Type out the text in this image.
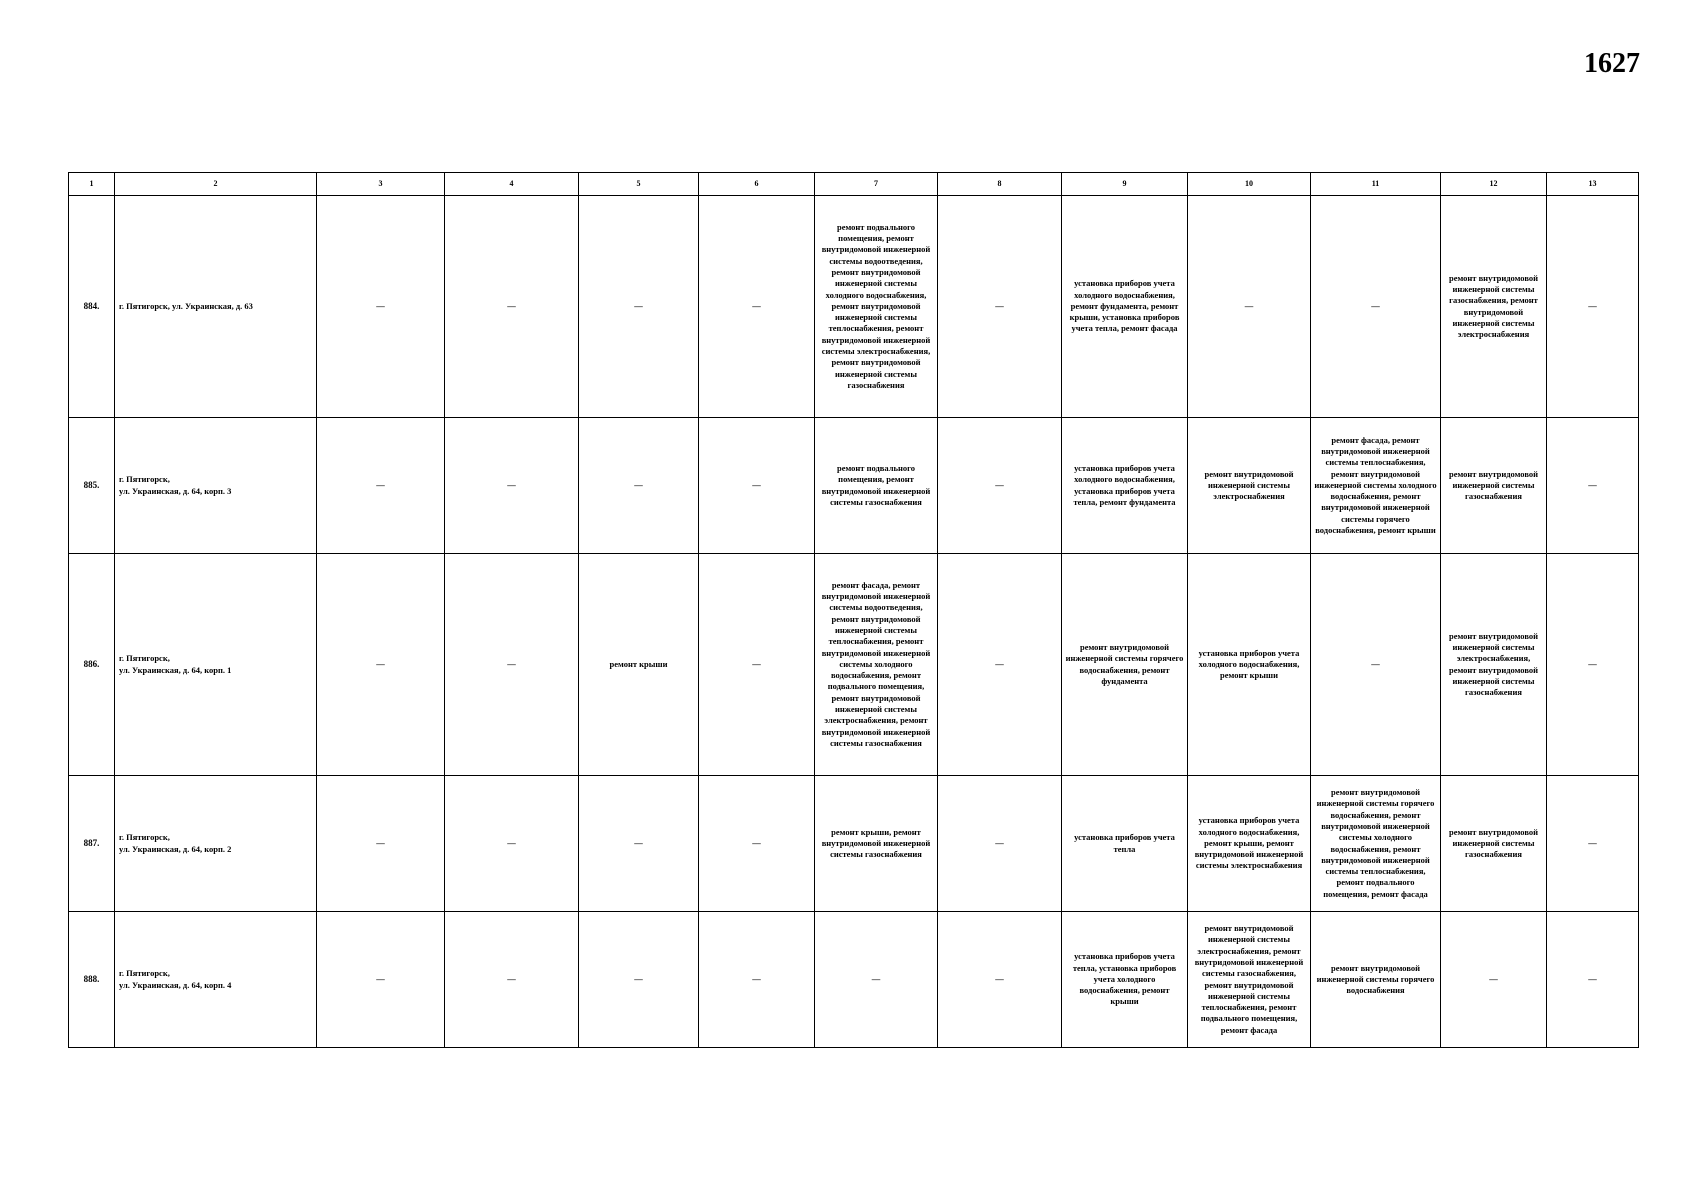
1627
1	2	3	4	5	6	7	8	9	10	11	12	13
884.	г. Пятигорск, ул. Украинская, д. 63	—	—	—	—	ремонт подвального помещения, ремонт внутридомовой инженерной системы водоотведения, ремонт внутридомовой инженерной системы холодного водоснабжения, ремонт внутридомовой инженерной системы теплоснабжения, ремонт внутридомовой инженерной системы электроснабжения, ремонт внутридомовой инженерной системы газоснабжения	—	установка приборов учета холодного водоснабжения, ремонт фундамента, ремонт крыши, установка приборов учета тепла, ремонт фасада	—	—	ремонт внутридомовой инженерной системы газоснабжения, ремонт внутридомовой инженерной системы электроснабжения	—
885.	г. Пятигорск,
ул. Украинская, д. 64, корп. 3	—	—	—	—	ремонт подвального помещения, ремонт внутридомовой инженерной системы газоснабжения	—	установка приборов учета холодного водоснабжения, установка приборов учета тепла, ремонт фундамента	ремонт внутридомовой инженерной системы электроснабжения	ремонт фасада, ремонт внутридомовой инженерной системы теплоснабжения, ремонт внутридомовой инженерной системы холодного водоснабжения, ремонт внутридомовой инженерной системы горячего водоснабжения, ремонт крыши	ремонт внутридомовой инженерной системы газоснабжения	—
886.	г. Пятигорск,
ул. Украинская, д. 64, корп. 1	—	—	ремонт крыши	—	ремонт фасада, ремонт внутридомовой инженерной системы водоотведения, ремонт внутридомовой инженерной системы теплоснабжения, ремонт внутридомовой инженерной системы холодного водоснабжения, ремонт подвального помещения, ремонт внутридомовой инженерной системы электроснабжения, ремонт внутридомовой инженерной системы газоснабжения	—	ремонт внутридомовой инженерной системы горячего водоснабжения, ремонт фундамента	установка приборов учета холодного водоснабжения, ремонт крыши	—	ремонт внутридомовой инженерной системы электроснабжения, ремонт внутридомовой инженерной системы газоснабжения	—
887.	г. Пятигорск,
ул. Украинская, д. 64, корп. 2	—	—	—	—	ремонт крыши, ремонт внутридомовой инженерной системы газоснабжения	—	установка приборов учета тепла	установка приборов учета холодного водоснабжения, ремонт крыши, ремонт внутридомовой инженерной системы электроснабжения	ремонт внутридомовой инженерной системы горячего водоснабжения, ремонт внутридомовой инженерной системы холодного водоснабжения, ремонт внутридомовой инженерной системы теплоснабжения, ремонт подвального помещения, ремонт фасада	ремонт внутридомовой инженерной системы газоснабжения	—
888.	г. Пятигорск,
ул. Украинская, д. 64, корп. 4	—	—	—	—	—	—	установка приборов учета тепла, установка приборов учета холодного водоснабжения, ремонт крыши	ремонт внутридомовой инженерной системы электроснабжения, ремонт внутридомовой инженерной системы газоснабжения, ремонт внутридомовой инженерной системы теплоснабжения, ремонт подвального помещения, ремонт фасада	ремонт внутридомовой инженерной системы горячего водоснабжения	—	—
